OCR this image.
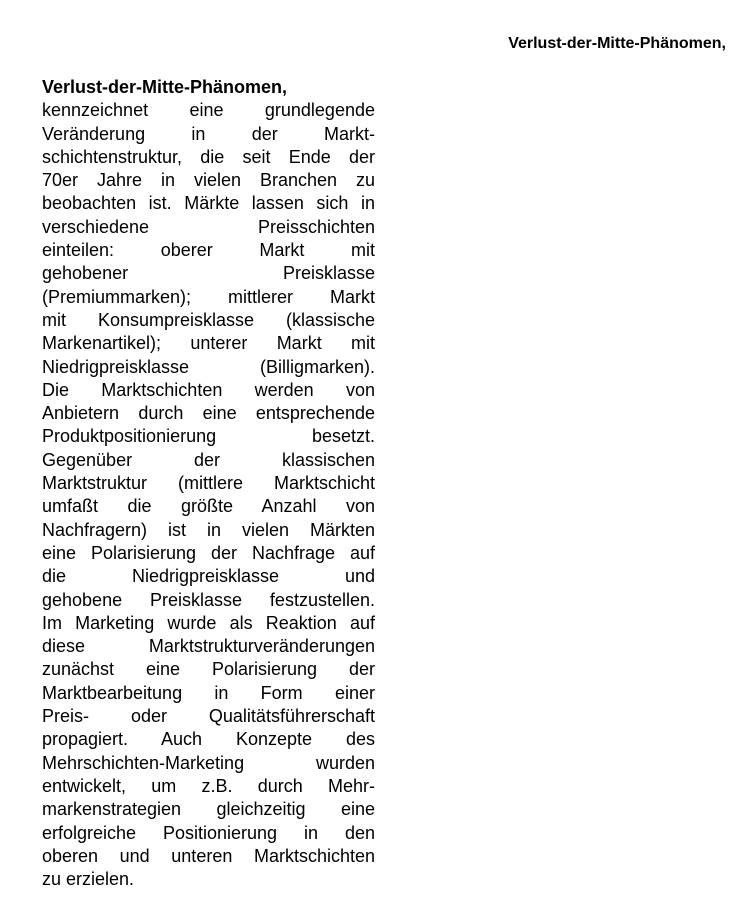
Verlust-der-Mitte-Phänomen,
Verlust-der-Mitte-Phänomen,
kennzeichnet eine grundlegende
Veränderung in der Markt-
schichtenstruktur, die seit Ende der
70er Jahre in vielen Branchen zu
beobachten ist. Märkte lassen sich in
verschiedene Preisschichten
einteilen: oberer Markt mit
gehobener Preisklasse
(Premiummarken); mittlerer Markt
mit Konsumpreisklasse (klassische
Markenartikel); unterer Markt mit
Niedrigpreisklasse (Billigmarken).
Die Marktschichten werden von
Anbietern durch eine entsprechende
Produktpositionierung besetzt.
Gegenüber der klassischen
Marktstruktur (mittlere Marktschicht
umfaßt die größte Anzahl von
Nachfragern) ist in vielen Märkten
eine Polarisierung der Nachfrage auf
die Niedrigpreisklasse und
gehobene Preisklasse festzustellen.
Im Marketing wurde als Reaktion auf
diese Marktstrukturveränderungen
zunächst eine Polarisierung der
Marktbearbeitung in Form einer
Preis- oder Qualitätsführerschaft
propagiert. Auch Konzepte des
Mehrschichten-Marketing wurden
entwickelt, um z.B. durch Mehr-
markenstrategien gleichzeitig eine
erfolgreiche Positionierung in den
oberen und unteren Marktschichten
zu erzielen.
